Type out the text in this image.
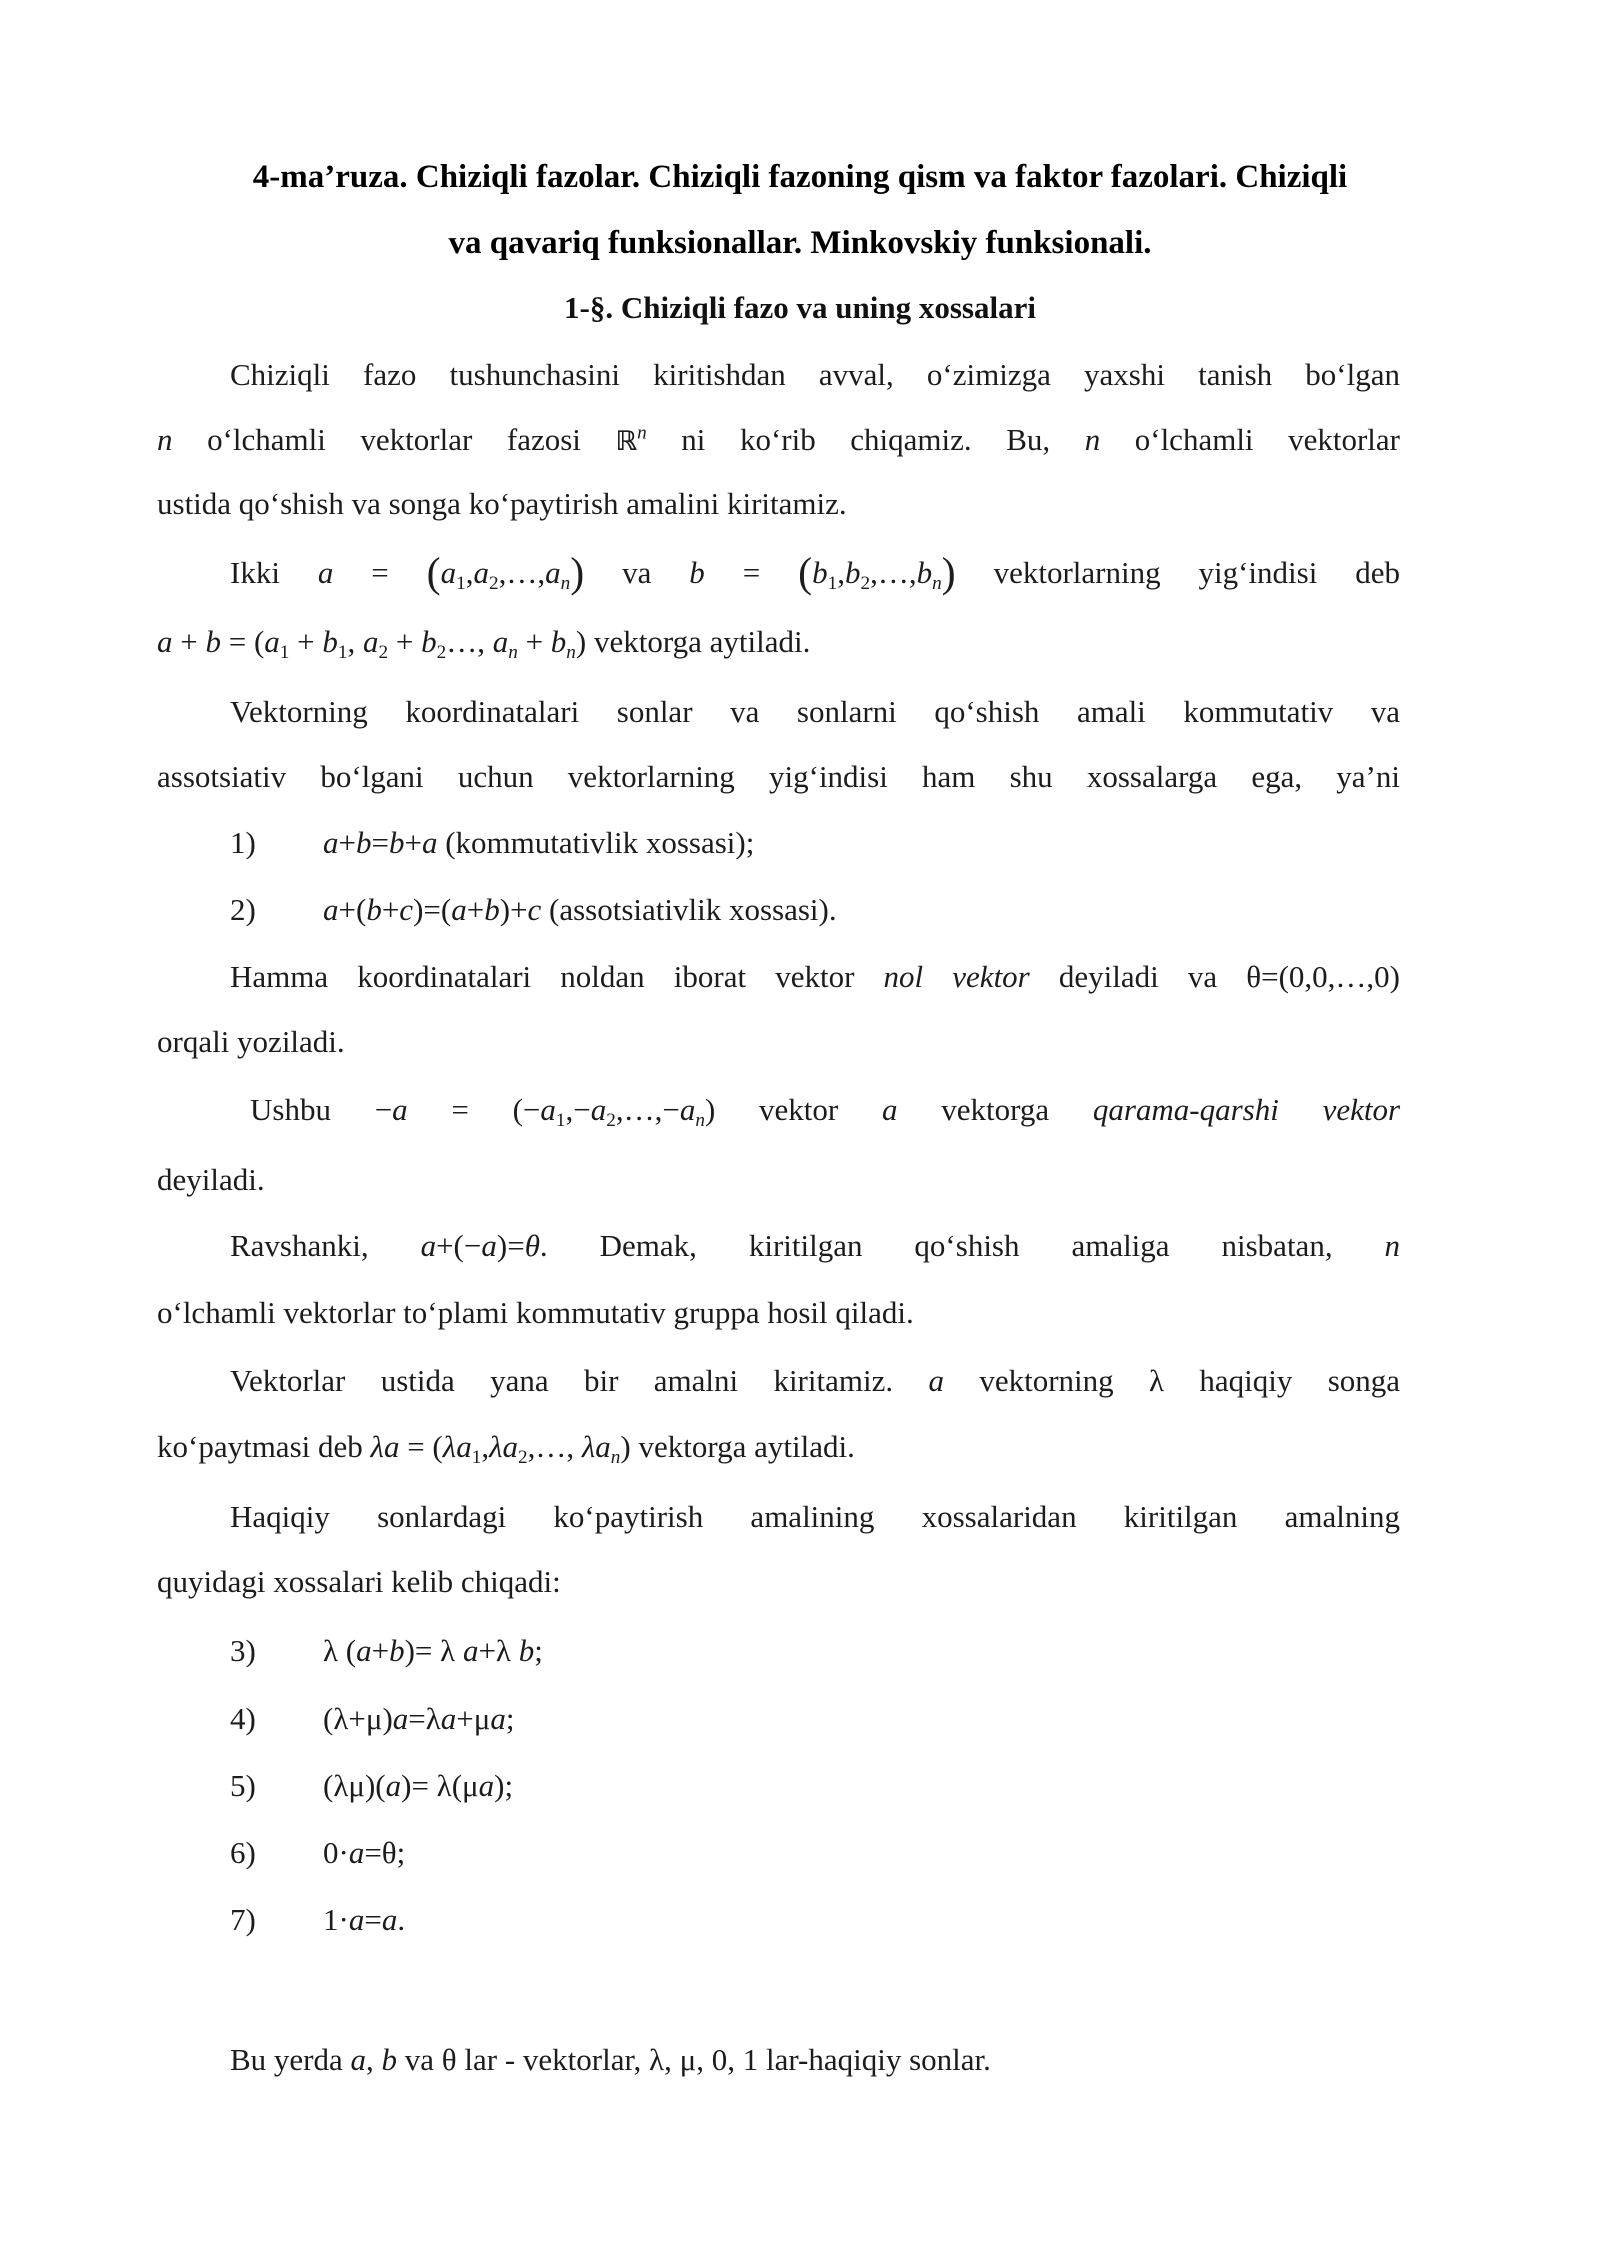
4-ma’ruza. Chiziqli fazolar. Chiziqli fazoning qism va faktor fazolari. Chiziqli
va qavariq funksionallar. Minkovskiy funksionali.
1-§. Chiziqli fazo va uning xossalari
Chiziqli fazo tushunchasini kiritishdan avval, o‘zimizga yaxshi tanish bo‘lgan
n o‘lchamli vektorlar fazosi ℝ$^n$ ni ko‘rib chiqamiz. Bu, n o‘lchamli vektorlar
ustida qo‘shish va songa ko‘paytirish amalini kiritamiz.
Ikki $a = (a_1,a_2,\dots,a_n)$ va $b = (b_1,b_2,\dots,b_n)$ vektorlarning yig‘indisi deb
$a + b = (a_1 + b_1$, $a_2$ + $b_2\dots$, $a_n + b_n$) vektorga aytiladi.
Vektorning koordinatalari sonlar va sonlarni qo‘shish amali kommutativ va
assotsiativ bo‘lgani uchun vektorlarning yig‘indisi ham shu xossalarga ega, ya’ni
1) a+b=b+a (kommutativlik xossasi);
2) a+(b+c)=(a+b)+c (assotsiativlik xossasi).
Hamma koordinatalari noldan iborat vektor nol vektor deyiladi va θ=(0,0,…,0)
orqali yoziladi.
Ushbu $-a = (-a_1,-a_2,\dots,-a_n)$ vektor a vektorga qarama-qarshi vektor
deyiladi.
Ravshanki, a+(−a)=θ. Demak, kiritilgan qo‘shish amaliga nisbatan, n
o‘lchamli vektorlar to‘plami kommutativ gruppa hosil qiladi.
Vektorlar ustida yana bir amalni kiritamiz. a vektorning λ haqiqiy songa
ko‘paytmasi deb $\lambda a = (\lambda a_1,\lambda a_2,\dots$, $\lambda a_n$) vektorga aytiladi.
Haqiqiy sonlardagi ko‘paytirish amalining xossalaridan kiritilgan amalning
quyidagi xossalari kelib chiqadi:
3) λ (a+b)= λ a+λ b;
4) (λ+μ)a=λa+μa;
5) (λμ)(a)= λ(μa);
6) 0·a=θ;
7) 1·a=a.
Bu yerda a, b va θ lar - vektorlar, λ, μ, 0, 1 lar-haqiqiy sonlar.
